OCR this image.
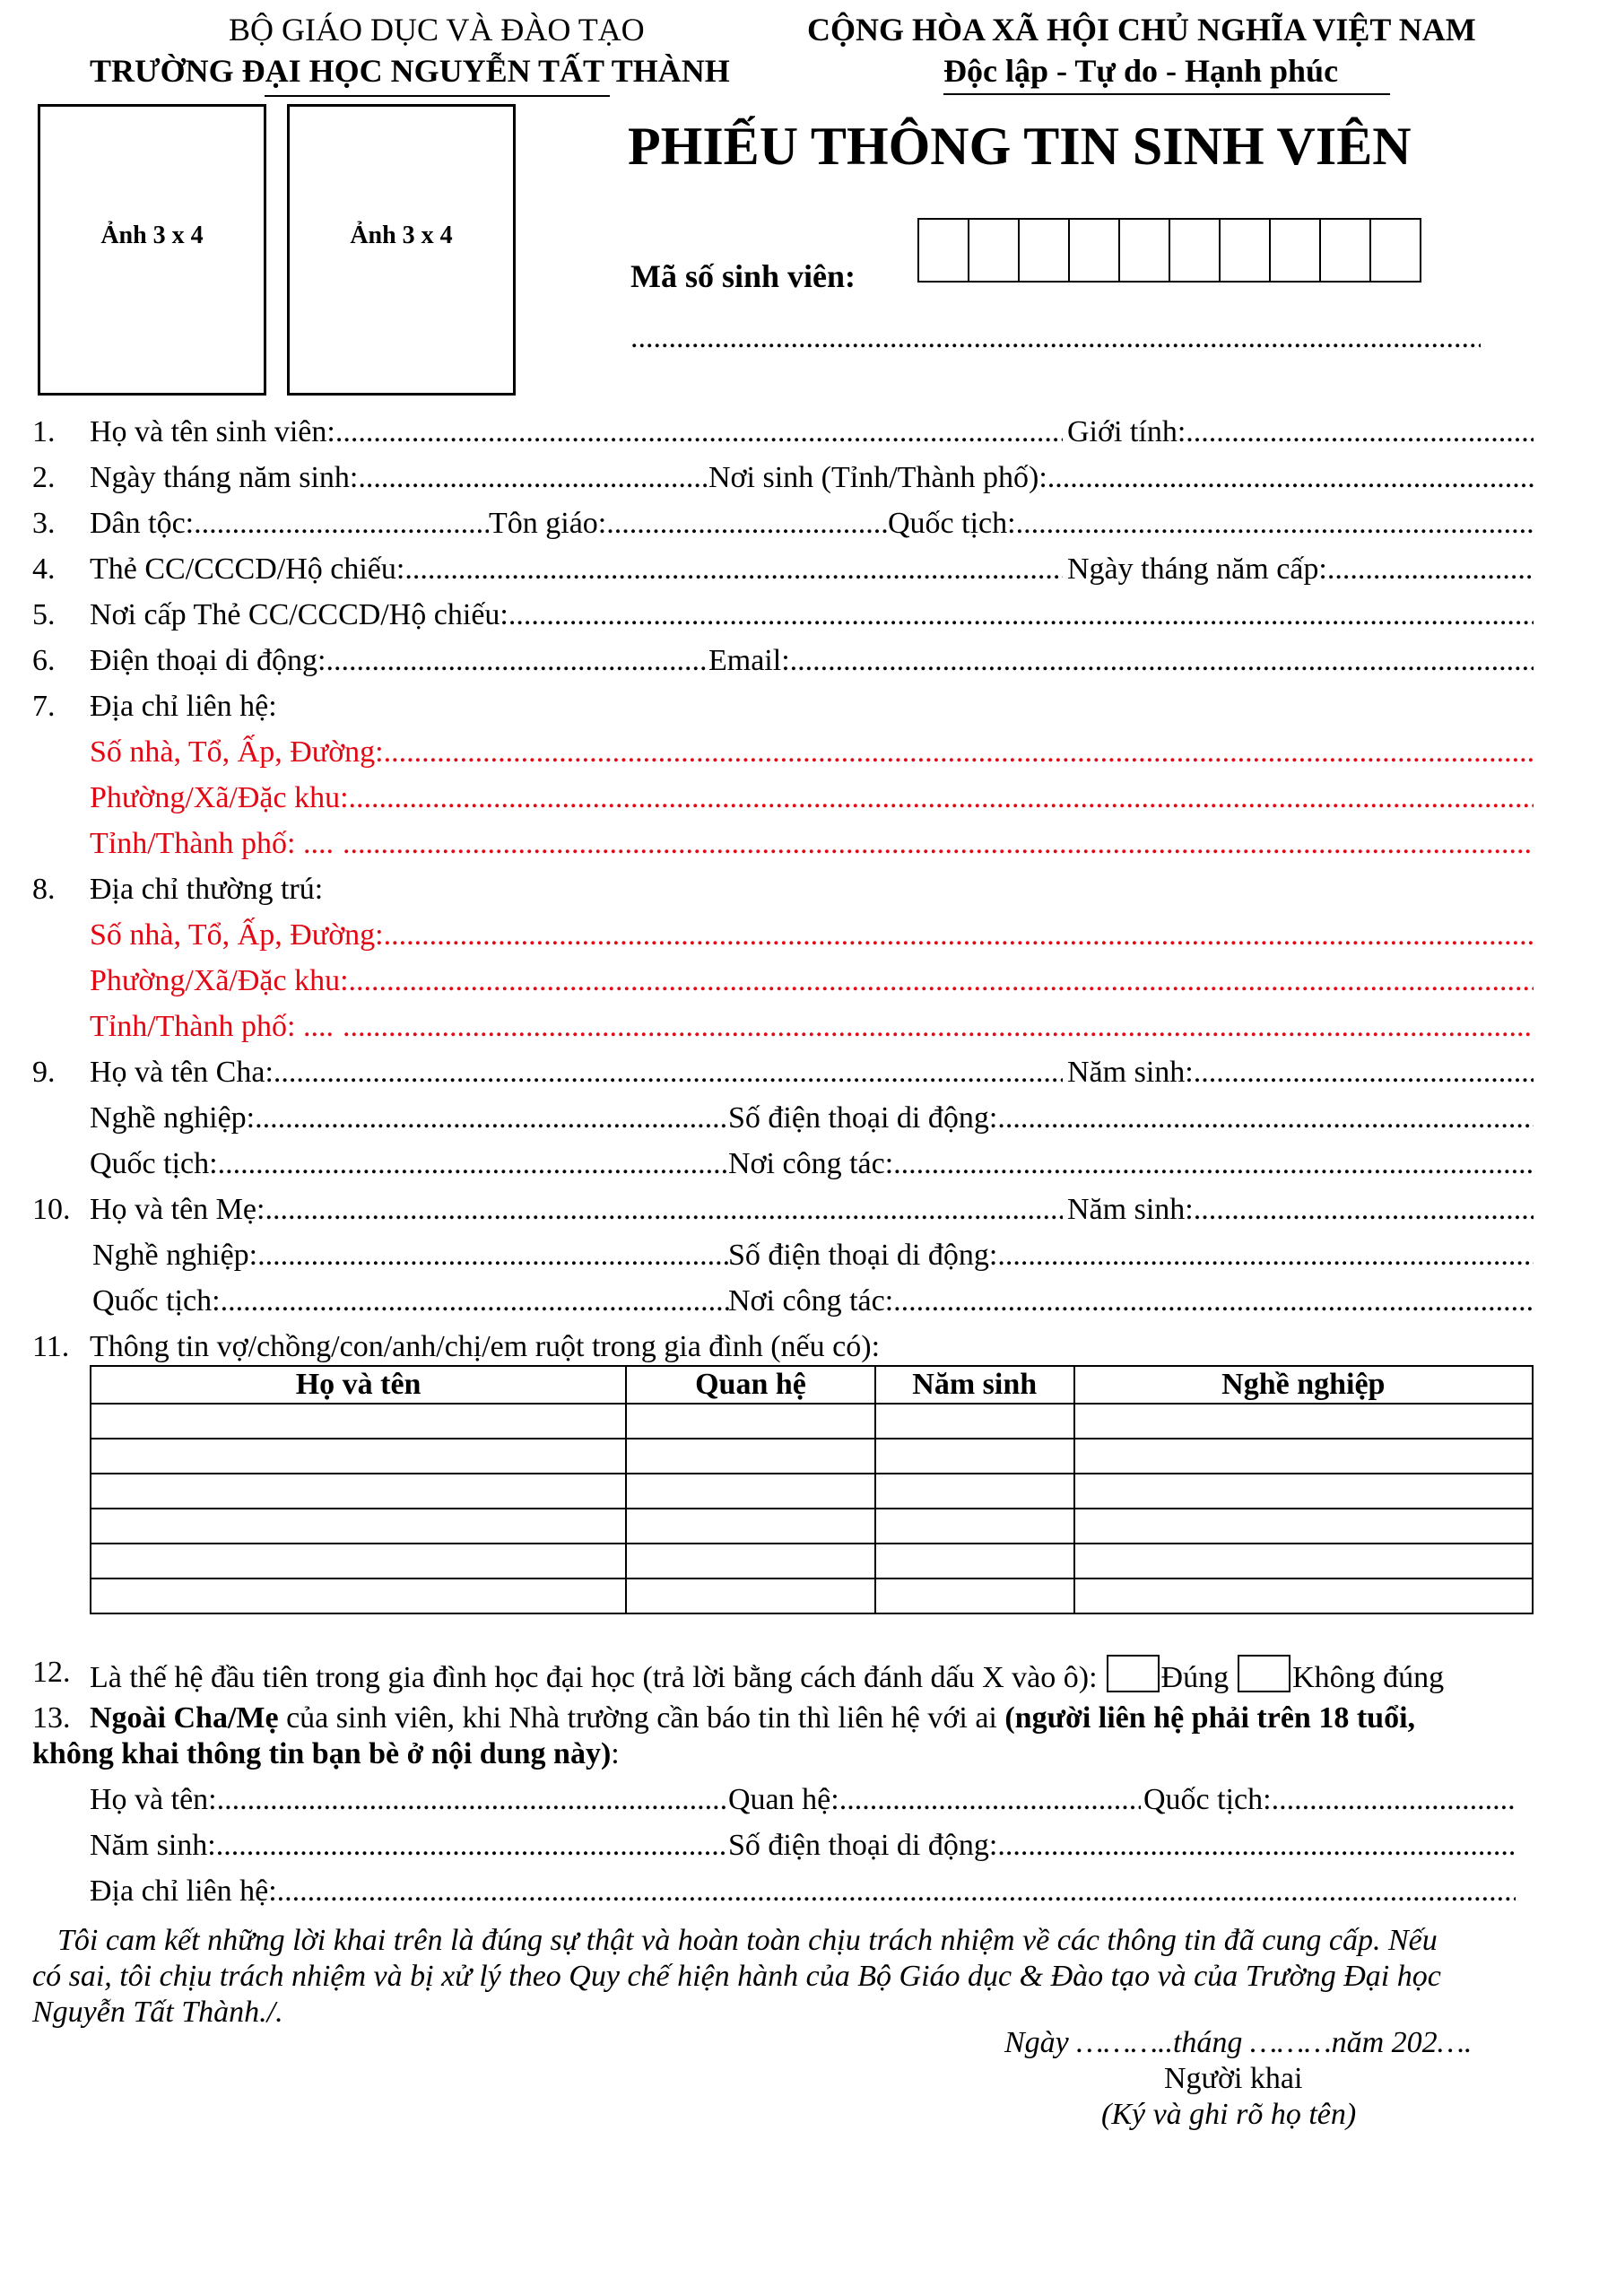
BỘ GIÁO DỤC VÀ ĐÀO TẠO
TRƯỜNG ĐẠI HỌC NGUYỄN TẤT THÀNH
CỘNG HÒA XÃ HỘI CHỦ NGHĨA VIỆT NAM
Độc lập - Tự do - Hạnh phúc
Ảnh 3 x 4	Ảnh 3 x 4
PHIẾU THÔNG TIN SINH VIÊN
Mã số sinh viên:
.....
1.
2.
3.
4.
5.
6.
7.
8.
9.
10.
11.
12.
13.
Họ và tên sinh viên: .....	Giới tính:
.....
Ngày tháng năm sinh: .....	Nơi sinh (Tỉnh/Thành phố):
.....
Dân tộc: .....	Tôn giáo: .....	Quốc tịch:
.....
Thẻ CC/CCCD/Hộ chiếu: .....	Ngày tháng năm cấp:
.....
Nơi cấp Thẻ CC/CCCD/Hộ chiếu:
.....
Điện thoại di động: .....	Email:
.....
Địa chỉ liên hệ:
Số nhà, Tổ, Ấp, Đường:
.....
Phường/Xã/Đặc khu:
.....
Tỉnh/Thành phố: ....
.....
Địa chỉ thường trú:
Số nhà, Tổ, Ấp, Đường:
.....
Phường/Xã/Đặc khu:
.....
Tỉnh/Thành phố: ....
.....
Họ và tên Cha: .....	Năm sinh:
.....
Nghề nghiệp: .....	Số điện thoại di động:
.....
Quốc tịch: .....	Nơi công tác:
.....
Họ và tên Mẹ: .....	Năm sinh:
.....
Nghề nghiệp: .....	Số điện thoại di động:
.....
Quốc tịch: .....	Nơi công tác:
.....
Thông tin vợ/chồng/con/anh/chị/em ruột trong gia đình (nếu có):
Họ và tên	Quan hệ	Năm sinh	Nghề nghiệp

Là thế hệ đầu tiên trong gia đình học đại học (trả lời bằng cách đánh dấu X vào ô): Đúng Không đúng
Ngoài Cha/Mẹ của sinh viên, khi Nhà trường cần báo tin thì liên hệ với ai (người liên hệ phải trên 18 tuổi,
không khai thông tin bạn bè ở nội dung này):
Họ và tên: .....	Quan hệ: .....	Quốc tịch:
.....
Năm sinh: .....	Số điện thoại di động:
.....
Địa chỉ liên hệ:
.....
Tôi cam kết những lời khai trên là đúng sự thật và hoàn toàn chịu trách nhiệm về các thông tin đã cung cấp. Nếu
có sai, tôi chịu trách nhiệm và bị xử lý theo Quy chế hiện hành của Bộ Giáo dục & Đào tạo và của Trường Đại học
Nguyễn Tất Thành./.
Ngày ………..tháng ………năm 202….
Người khai
(Ký và ghi rõ họ tên)
